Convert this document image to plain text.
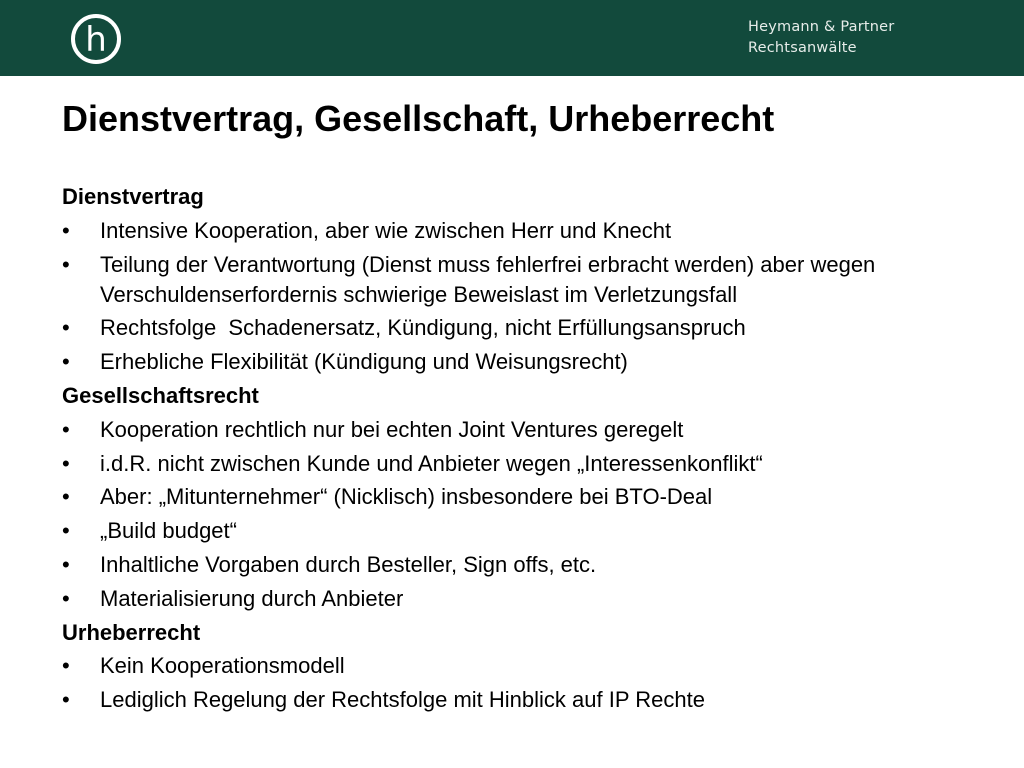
h	Heymann & Partner
Rechtsanwälte
Dienstvertrag, Gesellschaft, Urheberrecht
Dienstvertrag
• Intensive Kooperation, aber wie zwischen Herr und Knecht
• Teilung der Verantwortung (Dienst muss fehlerfrei erbracht werden) aber wegen Verschuldenserfordernis schwierige Beweislast im Verletzungsfall
• Rechtsfolge  Schadenersatz, Kündigung, nicht Erfüllungsanspruch
• Erhebliche Flexibilität (Kündigung und Weisungsrecht)
Gesellschaftsrecht
• Kooperation rechtlich nur bei echten Joint Ventures geregelt
• i.d.R. nicht zwischen Kunde und Anbieter wegen „Interessenkonflikt“
• Aber: „Mitunternehmer“ (Nicklisch) insbesondere bei BTO-Deal
• „Build budget“
• Inhaltliche Vorgaben durch Besteller, Sign offs, etc.
• Materialisierung durch Anbieter
Urheberrecht
• Kein Kooperationsmodell
• Lediglich Regelung der Rechtsfolge mit Hinblick auf IP Rechte
